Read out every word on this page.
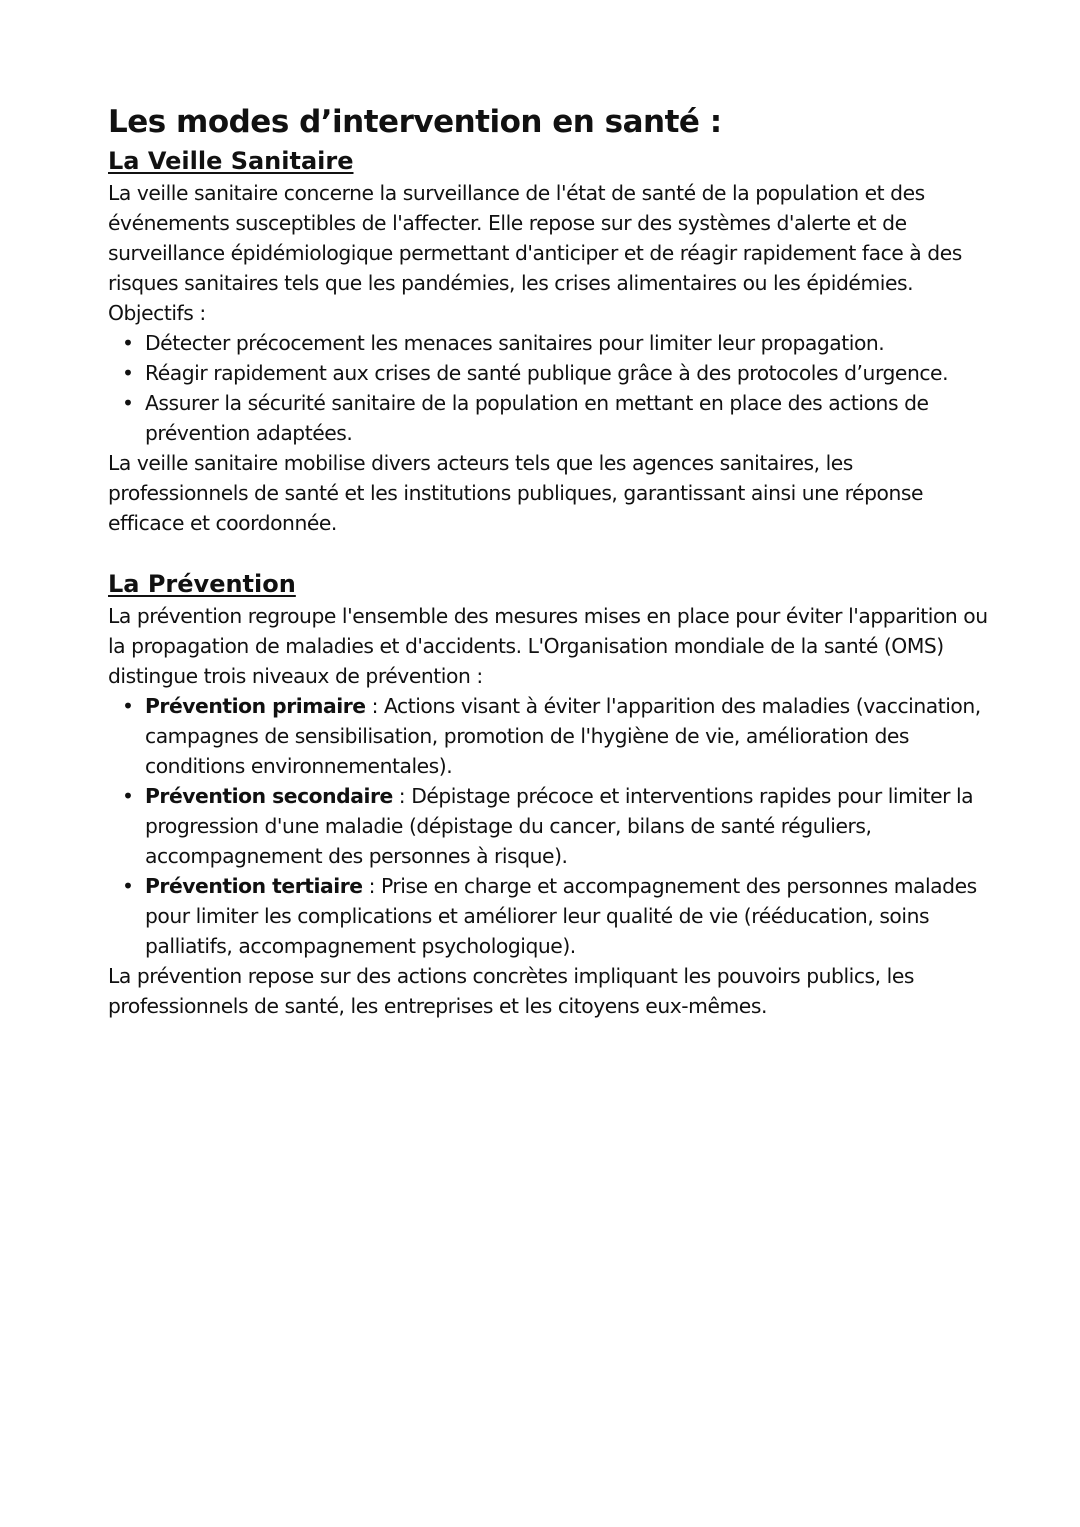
Les modes d’intervention en santé :
La Veille Sanitaire

La veille sanitaire concerne la surveillance de l'état de santé de la population et des événements susceptibles de l'affecter. Elle repose sur des systèmes d'alerte et de surveillance épidémiologique permettant d'anticiper et de réagir rapidement face à des risques sanitaires tels que les pandémies, les crises alimentaires ou les épidémies.

Objectifs :
• Détecter précocement les menaces sanitaires pour limiter leur propagation.
• Réagir rapidement aux crises de santé publique grâce à des protocoles d’urgence.
• Assurer la sécurité sanitaire de la population en mettant en place des actions de prévention adaptées.

La veille sanitaire mobilise divers acteurs tels que les agences sanitaires, les professionnels de santé et les institutions publiques, garantissant ainsi une réponse efficace et coordonnée.

La Prévention

La prévention regroupe l'ensemble des mesures mises en place pour éviter l'apparition ou la propagation de maladies et d'accidents. L'Organisation mondiale de la santé (OMS) distingue trois niveaux de prévention :

• Prévention primaire : Actions visant à éviter l'apparition des maladies (vaccination, campagnes de sensibilisation, promotion de l'hygiène de vie, amélioration des conditions environnementales).
• Prévention secondaire : Dépistage précoce et interventions rapides pour limiter la progression d'une maladie (dépistage du cancer, bilans de santé réguliers, accompagnement des personnes à risque).
• Prévention tertiaire : Prise en charge et accompagnement des personnes malades pour limiter les complications et améliorer leur qualité de vie (rééducation, soins palliatifs, accompagnement psychologique).

La prévention repose sur des actions concrètes impliquant les pouvoirs publics, les professionnels de santé, les entreprises et les citoyens eux-mêmes.
